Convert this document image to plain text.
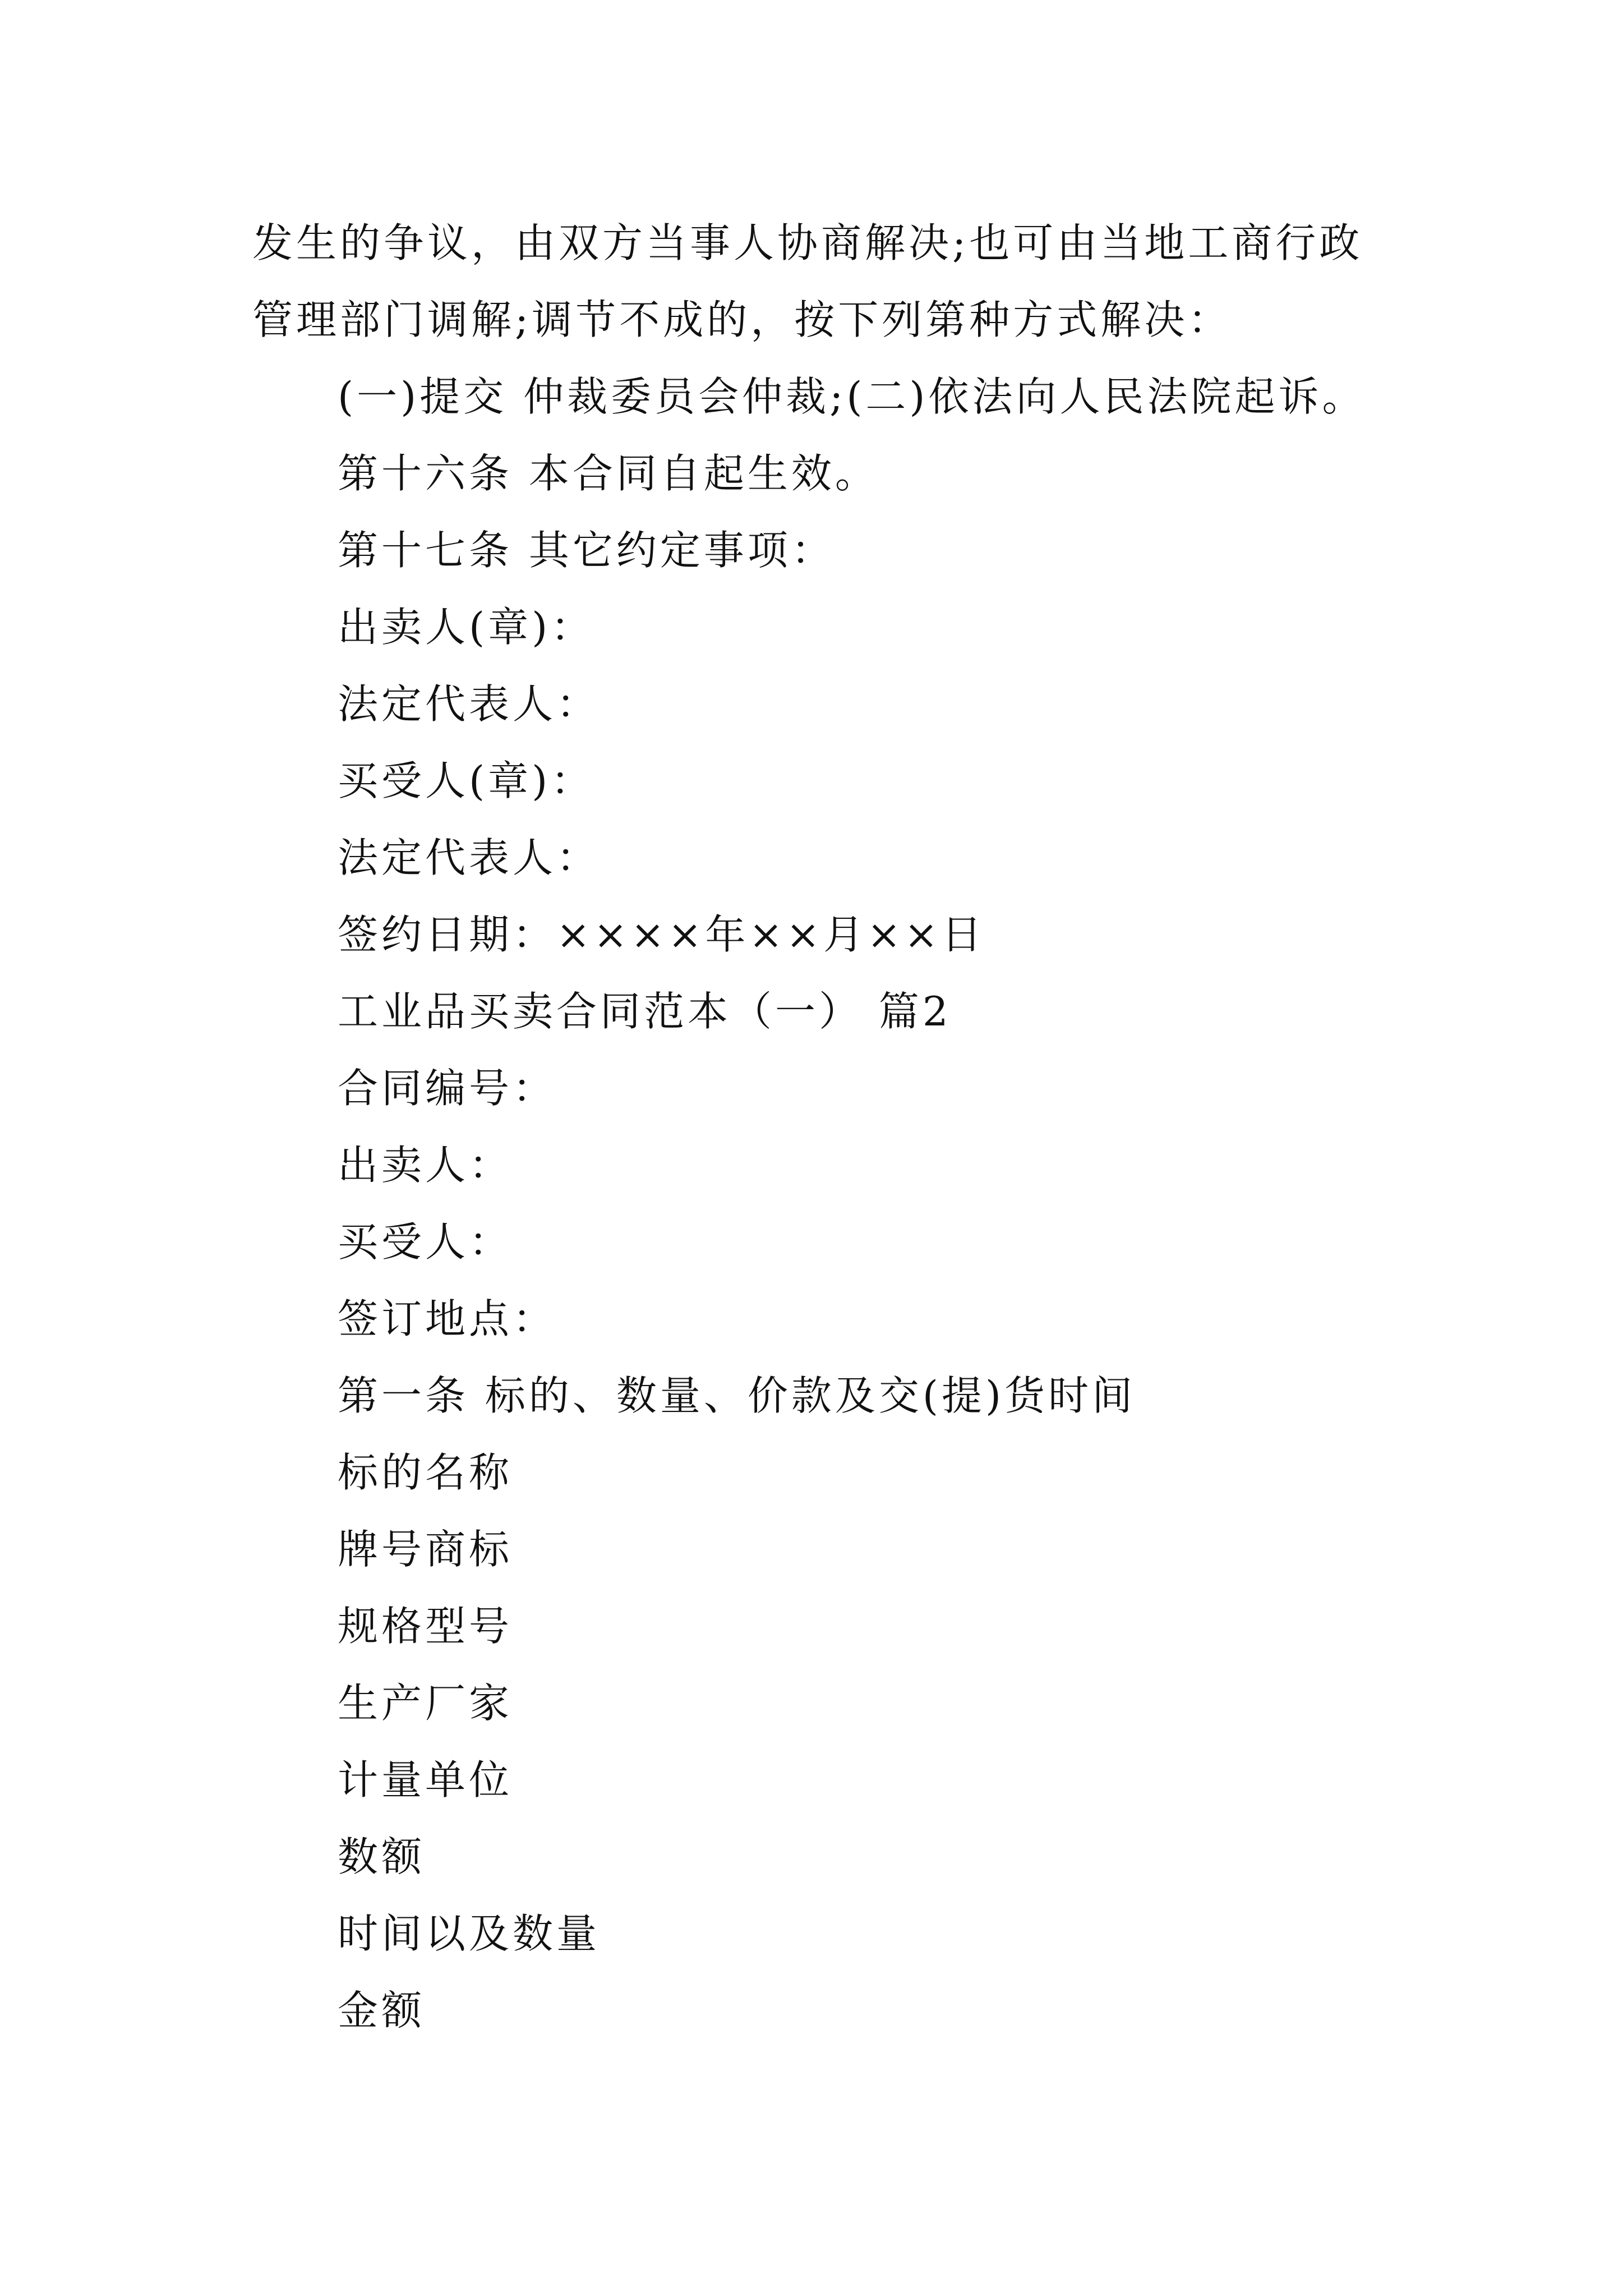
发生的争议，由双方当事人协商解决;也可由当地工商行政
管理部门调解;调节不成的，按下列第种方式解决：
(一)提交 仲裁委员会仲裁;(二)依法向人民法院起诉。
第十六条 本合同自起生效。
第十七条 其它约定事项：
出卖人(章)：
法定代表人：
买受人(章)：
法定代表人：
签约日期：××××年××月××日
工业品买卖合同范本（一） 篇2
合同编号：
出卖人：
买受人：
签订地点：
第一条 标的、数量、价款及交(提)货时间
标的名称
牌号商标
规格型号
生产厂家
计量单位
数额
时间以及数量
金额
